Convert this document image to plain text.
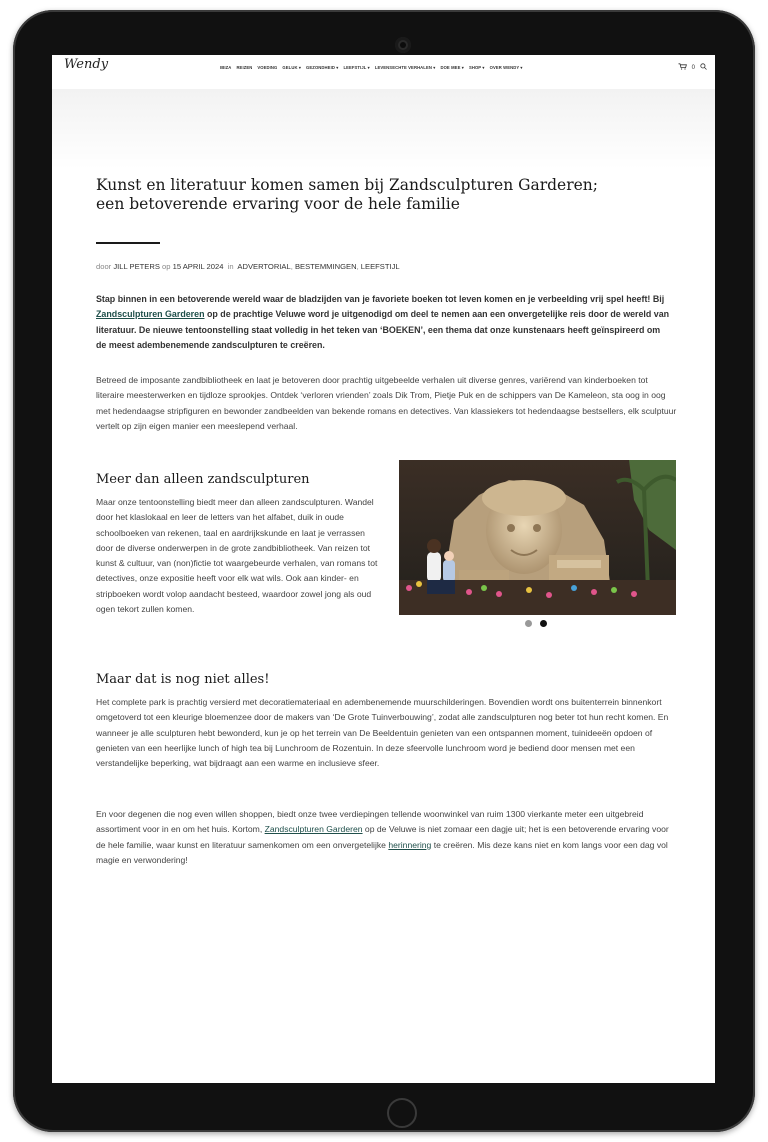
Wendy	IBIZA REIZEN VOEDING GELUK ▾ GEZONDHEID ▾ LEEFSTIJL ▾ LEVENSECHTE VERHALEN ▾ DOE MEE ▾ SHOP ▾ OVER WENDY ▾	0
Kunst en literatuur komen samen bij Zandsculpturen Garderen; een betoverende ervaring voor de hele familie
door JILL PETERS op 15 APRIL 2024 in ADVERTORIAL, BESTEMMINGEN, LEEFSTIJL

Stap binnen in een betoverende wereld waar de bladzijden van je favoriete boeken tot leven komen en je verbeelding vrij spel heeft! Bij Zandsculpturen Garderen op de prachtige Veluwe word je uitgenodigd om deel te nemen aan een onvergetelijke reis door de wereld van literatuur. De nieuwe tentoonstelling staat volledig in het teken van ‘BOEKEN’, een thema dat onze kunstenaars heeft geïnspireerd om de meest adembenemende zandsculpturen te creëren.

Betreed de imposante zandbibliotheek en laat je betoveren door prachtig uitgebeelde verhalen uit diverse genres, variërend van kinderboeken tot literaire meesterwerken en tijdloze sprookjes. Ontdek ‘verloren vrienden’ zoals Dik Trom, Pietje Puk en de schippers van De Kameleon, sta oog in oog met hedendaagse stripfiguren en bewonder zandbeelden van bekende romans en detectives. Van klassiekers tot hedendaagse bestsellers, elk sculptuur vertelt op zijn eigen manier een meeslepend verhaal.

Meer dan alleen zandsculpturen

Maar onze tentoonstelling biedt meer dan alleen zandsculpturen. Wandel door het klaslokaal en leer de letters van het alfabet, duik in oude schoolboeken van rekenen, taal en aardrijkskunde en laat je verrassen door de diverse onderwerpen in de grote zandbibliotheek. Van reizen tot kunst & cultuur, van (non)fictie tot waargebeurde verhalen, van romans tot detectives, onze expositie heeft voor elk wat wils. Ook aan kinder- en stripboeken wordt volop aandacht besteed, waardoor zowel jong als oud ogen tekort zullen komen.

Maar dat is nog niet alles!

Het complete park is prachtig versierd met decoratiemateriaal en adembenemende muurschilderingen. Bovendien wordt ons buitenterrein binnenkort omgetoverd tot een kleurige bloemenzee door de makers van ‘De Grote Tuinverbouwing’, zodat alle zandsculpturen nog beter tot hun recht komen. En wanneer je alle sculpturen hebt bewonderd, kun je op het terrein van De Beeldentuin genieten van een ontspannen moment, tuinideeën opdoen of genieten van een heerlijke lunch of high tea bij Lunchroom de Rozentuin. In deze sfeervolle lunchroom word je bediend door mensen met een verstandelijke beperking, wat bijdraagt aan een warme en inclusieve sfeer.

En voor degenen die nog even willen shoppen, biedt onze twee verdiepingen tellende woonwinkel van ruim 1300 vierkante meter een uitgebreid assortiment voor in en om het huis. Kortom, Zandsculpturen Garderen op de Veluwe is niet zomaar een dagje uit; het is een betoverende ervaring voor de hele familie, waar kunst en literatuur samenkomen om een onvergetelijke herinnering te creëren. Mis deze kans niet en kom langs voor een dag vol magie en verwondering!
